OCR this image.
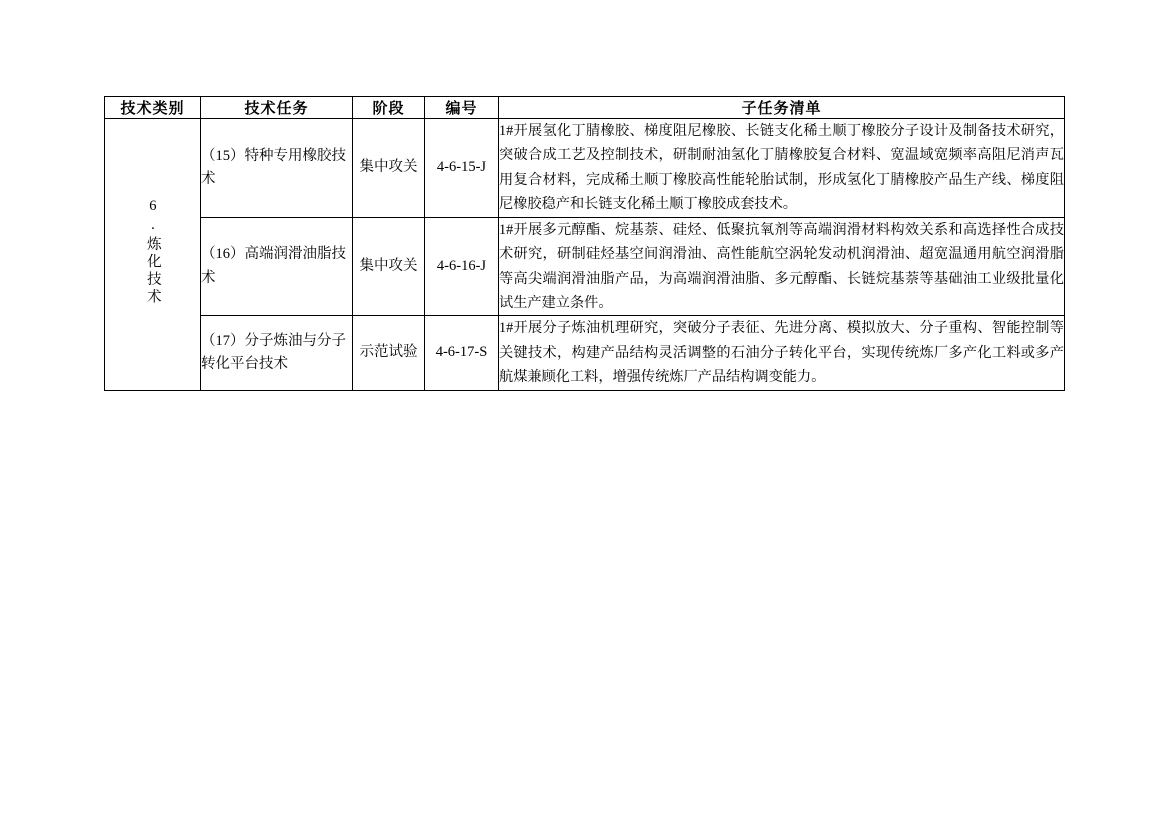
技术类别	技术任务	阶段	编号	子任务清单
6.炼化技术	（15）特种专用橡胶技术	集中攻关	4-6-15-J	1#开展氢化丁腈橡胶、梯度阻尼橡胶、长链支化稀土顺丁橡胶分子设计及制备技术研究，突破合成工艺及控制技术，研制耐油氢化丁腈橡胶复合材料、宽温域宽频率高阻尼消声瓦用复合材料，完成稀土顺丁橡胶高性能轮胎试制，形成氢化丁腈橡胶产品生产线、梯度阻尼橡胶稳产和长链支化稀土顺丁橡胶成套技术。
	（16）高端润滑油脂技术	集中攻关	4-6-16-J	1#开展多元醇酯、烷基萘、硅烃、低聚抗氧剂等高端润滑材料构效关系和高选择性合成技术研究，研制硅烃基空间润滑油、高性能航空涡轮发动机润滑油、超宽温通用航空润滑脂等高尖端润滑油脂产品，为高端润滑油脂、多元醇酯、长链烷基萘等基础油工业级批量化试生产建立条件。
	（17）分子炼油与分子转化平台技术	示范试验	4-6-17-S	1#开展分子炼油机理研究，突破分子表征、先进分离、模拟放大、分子重构、智能控制等关键技术，构建产品结构灵活调整的石油分子转化平台，实现传统炼厂多产化工料或多产航煤兼顾化工料，增强传统炼厂产品结构调变能力。
